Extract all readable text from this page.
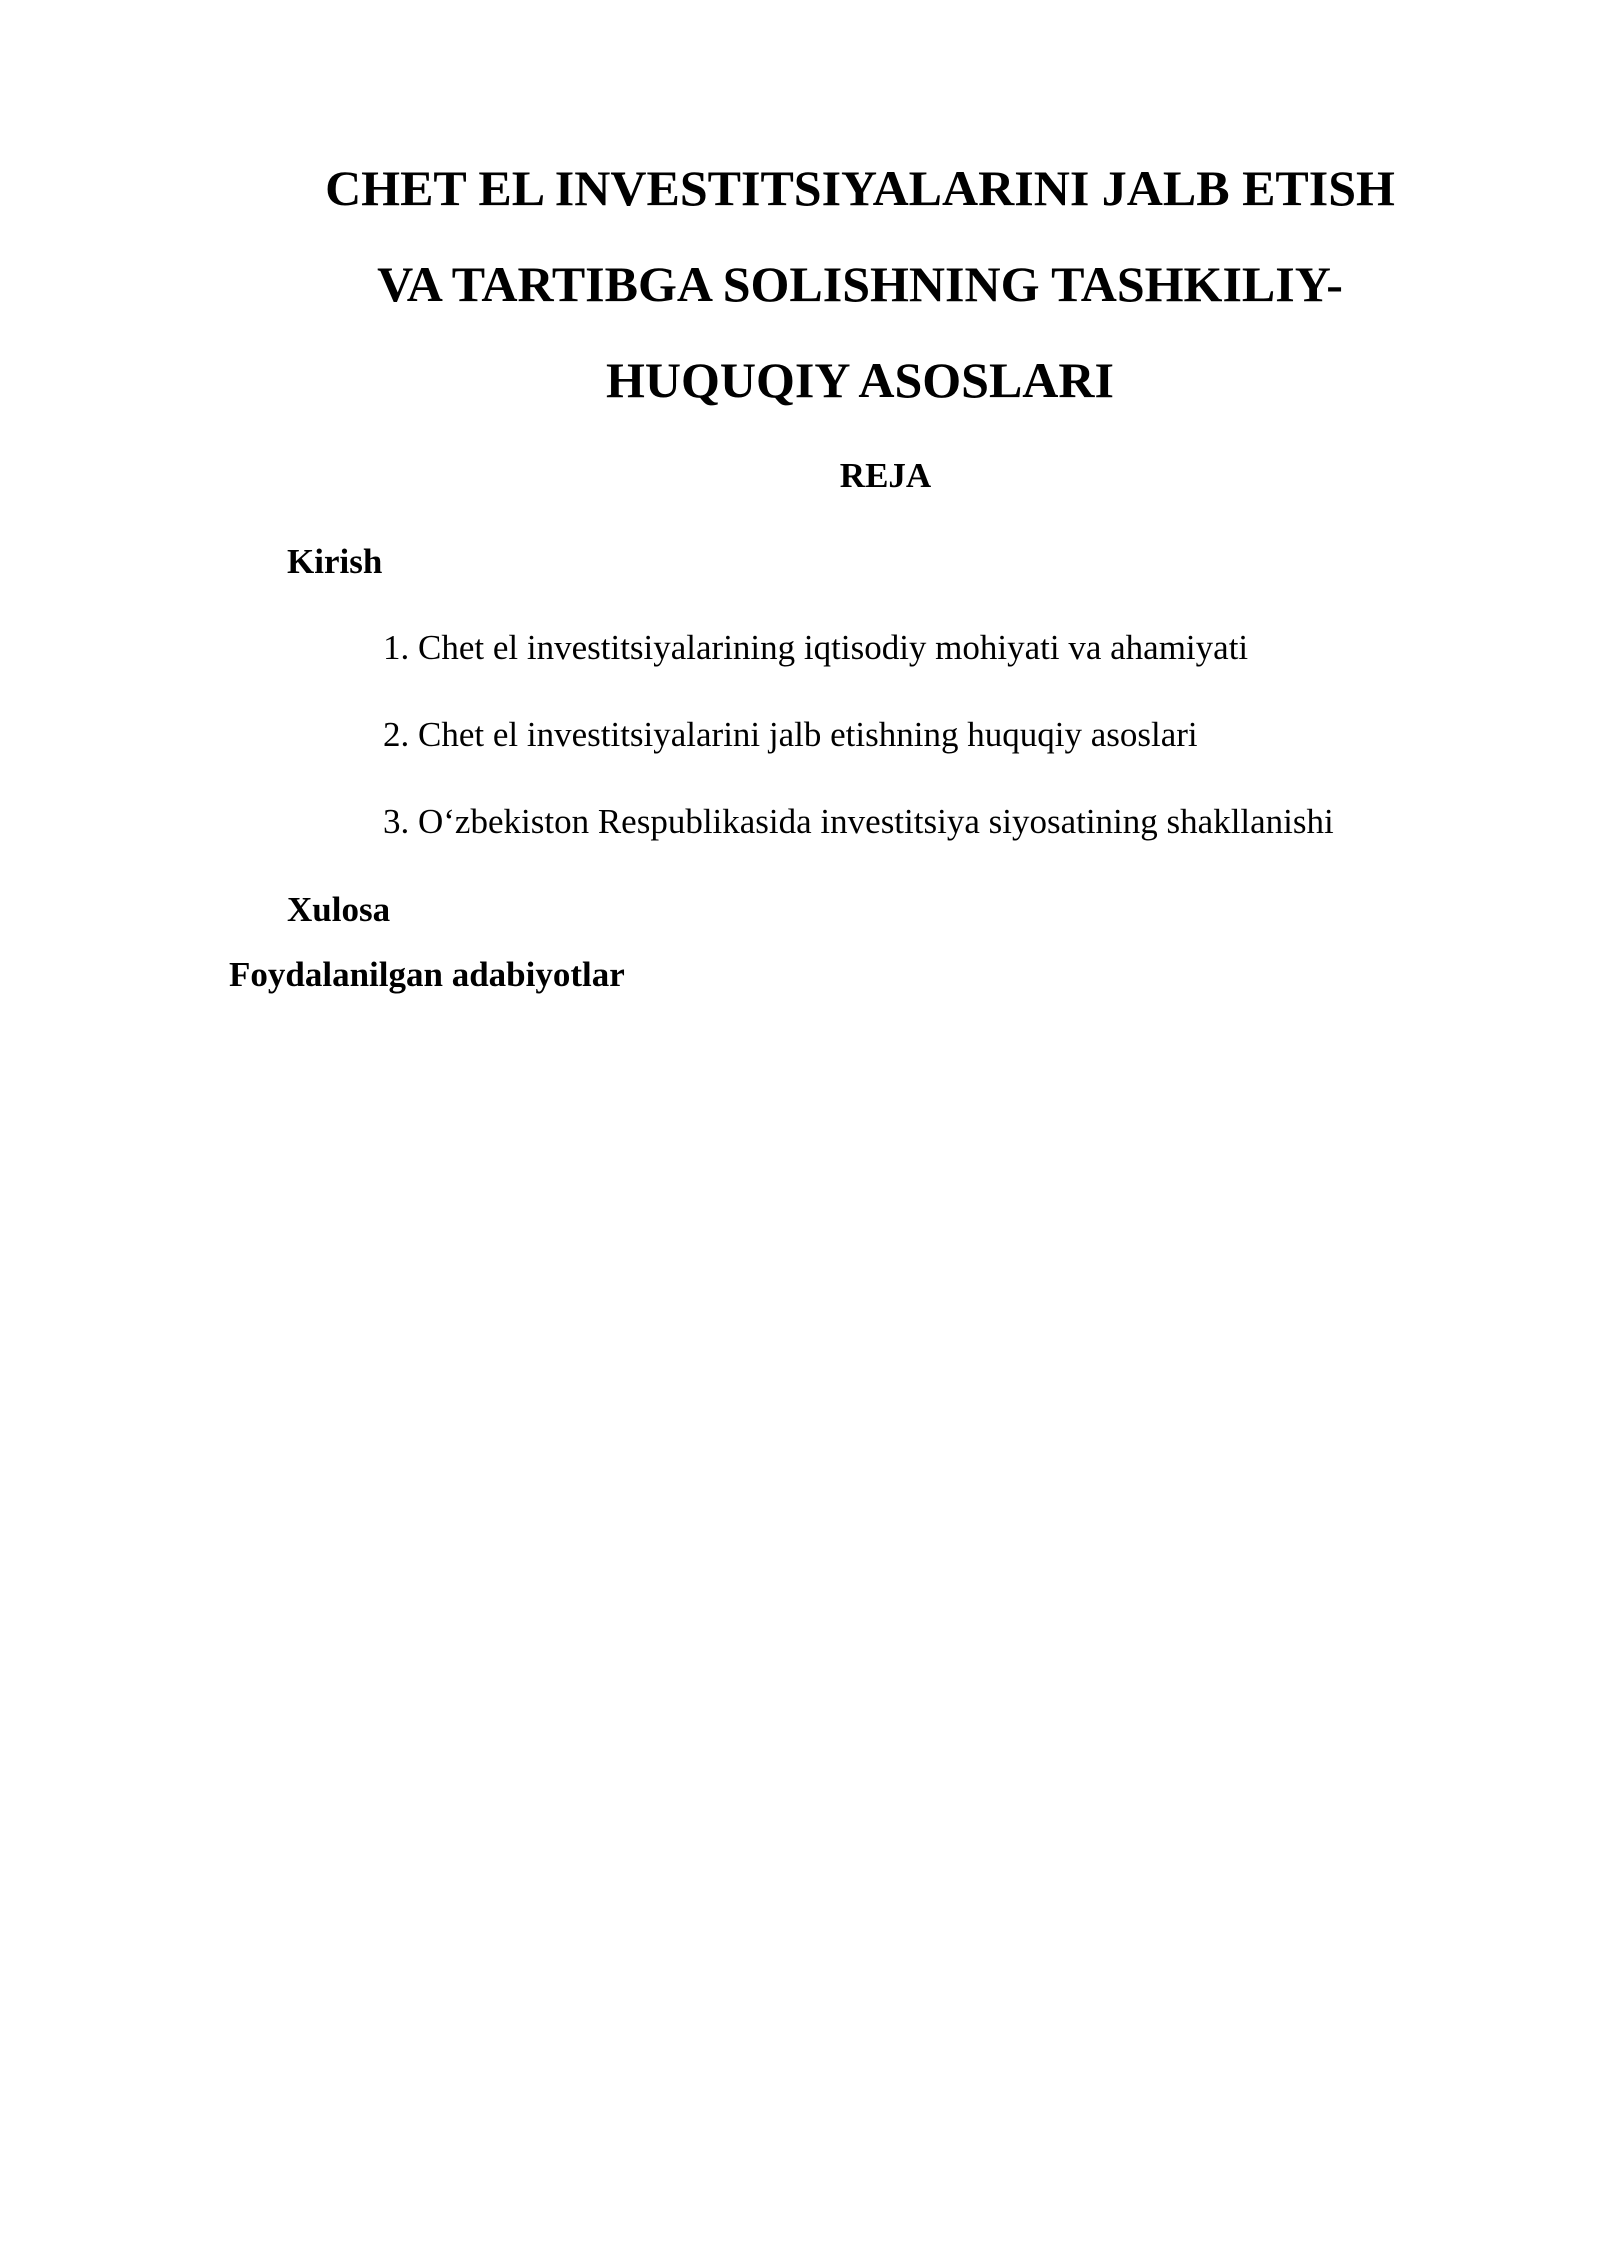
CHET EL INVESTITSIYALARINI JALB ETISH
VA TARTIBGA SOLISHNING TASHKILIY-
HUQUQIY ASOSLARI

REJA

Kirish

1. Chet el investitsiyalarining iqtisodiy mohiyati va ahamiyati
2. Chet el investitsiyalarini jalb etishning huquqiy asoslari
3. O‘zbekiston Respublikasida investitsiya siyosatining shakllanishi

Xulosa

Foydalanilgan adabiyotlar
